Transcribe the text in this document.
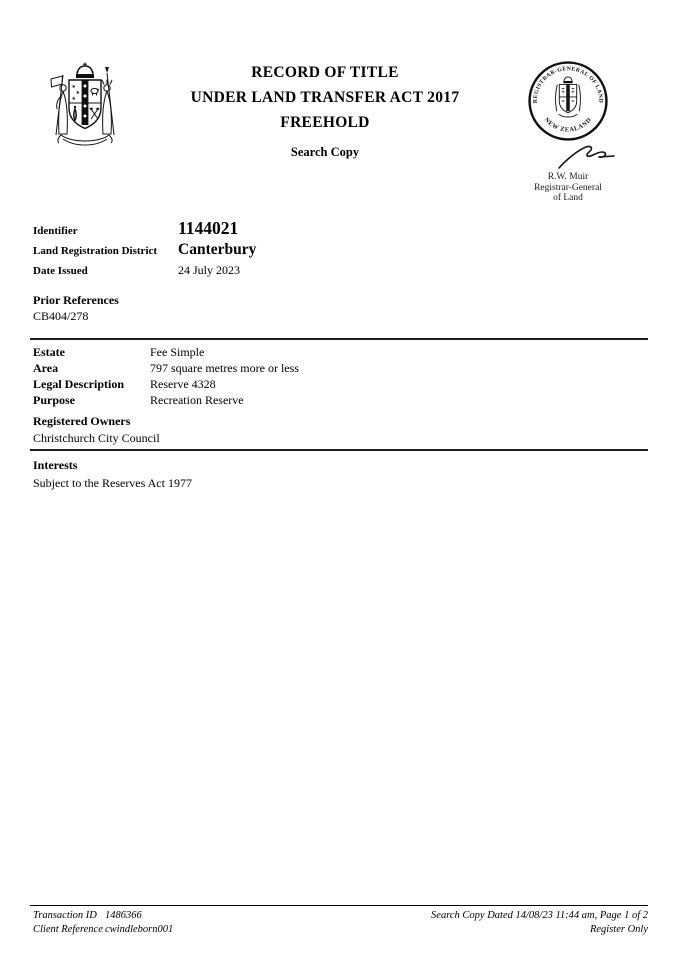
★
★
★
RECORD OF TITLE
UNDER LAND TRANSFER ACT 2017
FREEHOLD
Search Copy
REGISTRAR-GENERAL OF LAND
NEW ZEALAND
R.W. Muir
Registrar-General
of Land
Identifier	1144021
Land Registration District	Canterbury
Date Issued	24 July 2023
Prior References
CB404/278
Estate	Fee Simple
Area	797 square metres more or less
Legal Description	Reserve 4328
Purpose	Recreation Reserve
Registered Owners
Christchurch City Council
Interests
Subject to the Reserves Act 1977
Transaction ID 1486366
Client Reference cwindleborn001
Search Copy Dated 14/08/23 11:44 am, Page 1 of 2
Register Only
